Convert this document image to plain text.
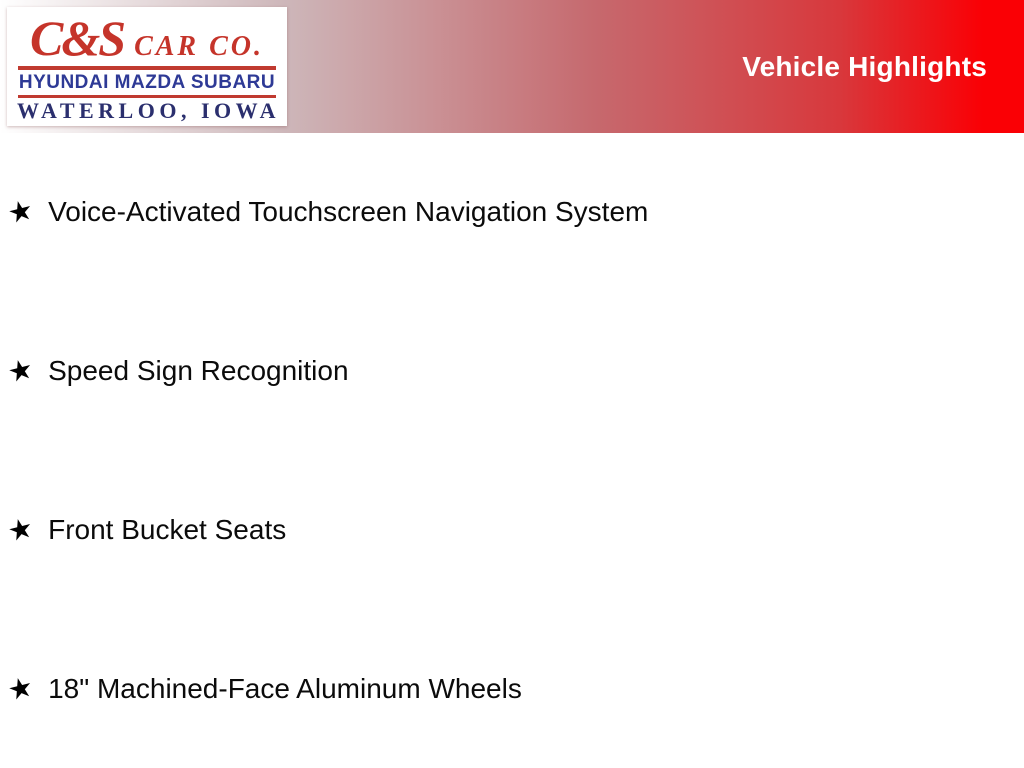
C&S CAR CO.
HYUNDAI MAZDA SUBARU
WATERLOO, IOWA
Vehicle Highlights
★ Voice-Activated Touchscreen Navigation System
★ Speed Sign Recognition
★ Front Bucket Seats
★ 18" Machined-Face Aluminum Wheels
